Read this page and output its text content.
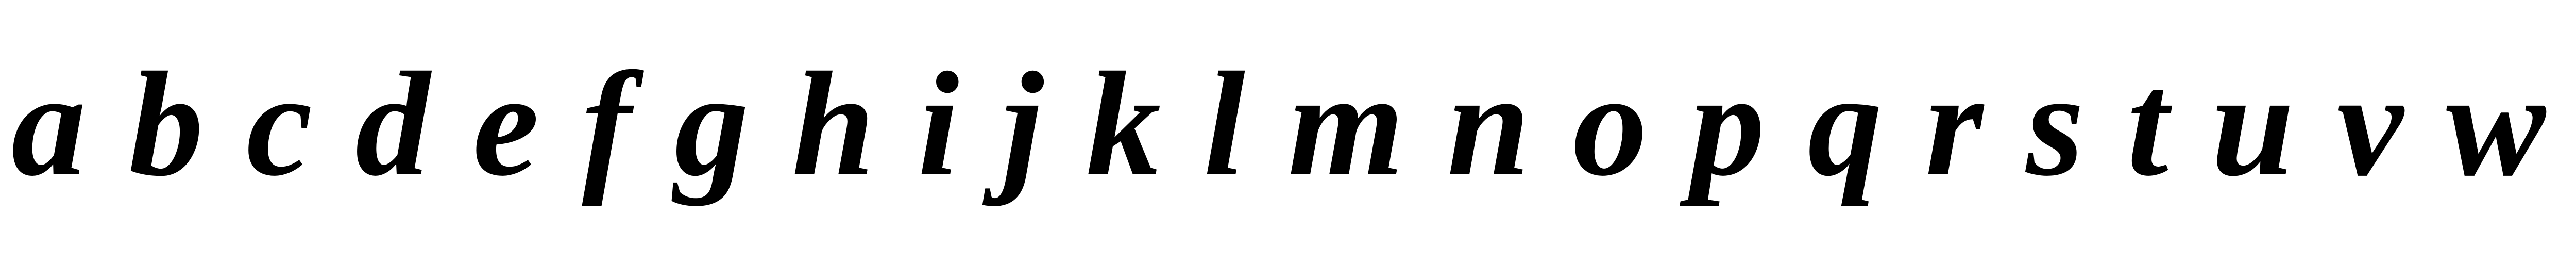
a b c d e f g h i j k l m n o p q r s t u v w
